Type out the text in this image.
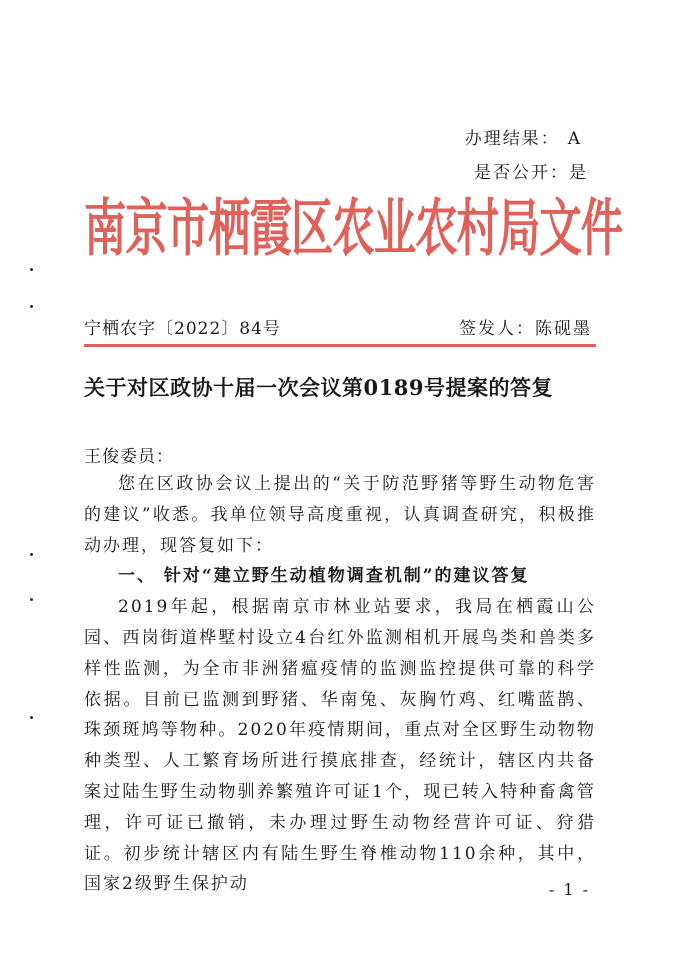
办理结果： A
是否公开：是
南京市栖霞区农业农村局文件
宁栖农字〔2022〕84号	签发人：陈砚墨
关于对区政协十届一次会议第0189号提案的答复
王俊委员：

您在区政协会议上提出的“关于防范野猪等野生动物危害的建议”收悉。我单位领导高度重视，认真调查研究，积极推动办理，现答复如下：

一、 针对“建立野生动植物调查机制”的建议答复

2019年起，根据南京市林业站要求，我局在栖霞山公园、西岗街道桦墅村设立4台红外监测相机开展鸟类和兽类多样性监测，为全市非洲猪瘟疫情的监测监控提供可靠的科学依据。目前已监测到野猪、华南兔、灰胸竹鸡、红嘴蓝鹊、珠颈斑鸠等物种。2020年疫情期间，重点对全区野生动物物种类型、人工繁育场所进行摸底排查，经统计，辖区内共备案过陆生野生动物驯养繁殖许可证1个，现已转入特种畜禽管理，许可证已撤销，未办理过野生动物经营许可证、狩猎证。初步统计辖区内有陆生野生脊椎动物110余种，其中，国家2级野生保护动	- 1 -
